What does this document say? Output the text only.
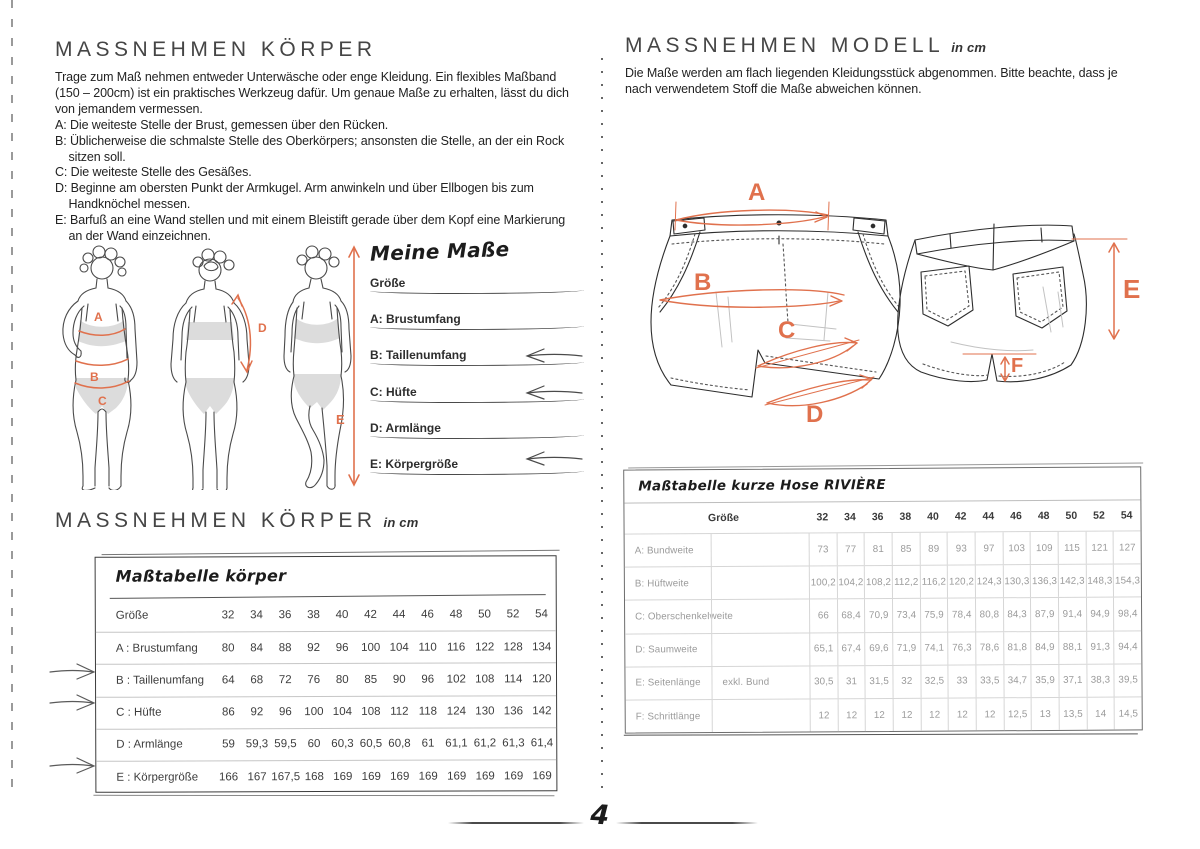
MASSNEHMEN KÖRPER
Trage zum Maß nehmen entweder Unterwäsche oder enge Kleidung. Ein flexibles Maßband
(150 – 200cm) ist ein praktisches Werkzeug dafür. Um genaue Maße zu erhalten, lässt du dich
von jemandem vermessen.
A: Die weiteste Stelle der Brust, gemessen über den Rücken.
B: Üblicherweise die schmalste Stelle des Oberkörpers; ansonsten die Stelle, an der ein Rock
sitzen soll.
C: Die weiteste Stelle des Gesäßes.
D: Beginne am obersten Punkt der Armkugel. Arm anwinkeln und über Ellbogen bis zum
Handknöchel messen.
E: Barfuß an eine Wand stellen und mit einem Bleistift gerade über dem Kopf eine Markierung
an der Wand einzeichnen.
A
B
C
D
E
Meine Maße
Größe
A: Brustumfang
B: Taillenumfang
C: Hüfte
D: Armlänge
E: Körpergröße
MASSNEHMEN KÖRPER in cm
Maßtabelle körper
Größe	32	34	36	38	40	42	44	46	48	50	52	54
A : Brustumfang	80	84	88	92	96	100 104 110 116 122 128 134
B : Taillenumfang	64	68	72	76	80	85	90	96	102 108 114 120
C : Hüfte	86	92	96	100 104 108 112 118 124 130 136 142
D : Armlänge	59 59,3 59,5 60 60,3 60,5 60,8 61 61,1 61,2 61,3 61,4
E : Körpergröße	166 167 167,5 168 169 169 169 169 169 169 169 169
MASSNEHMEN MODELL in cm
Die Maße werden am flach liegenden Kleidungsstück abgenommen. Bitte beachte, dass je
nach verwendetem Stoff die Maße abweichen können.
A
B
C
D
E
F
Maßtabelle kurze Hose RIVIÈRE
Größe	32	34	36	38	40	42	44	46	48	50	52	54
A: Bundweite	73	77	81	85	89	93	97	103	109	115	121	127
B: Hüftweite	100,2 104,2 108,2 112,2 116,2 120,2 124,3 130,3 136,3 142,3 148,3 154,3
C: Oberschenkelweite	66	68,4 70,9 73,4 75,9 78,4 80,8 84,3 87,9 91,4 94,9 98,4
D: Saumweite	65,1 67,4 69,6 71,9 74,1 76,3 78,6 81,8 84,9 88,1 91,3 94,4
E: Seitenlänge	exkl. Bund	30,5	31	31,5	32	32,5	33	33,5 34,7 35,9 37,1 38,3 39,5
F: Schrittlänge	12	12	12	12	12	12	12	12,5	13	13,5	14	14,5
4
